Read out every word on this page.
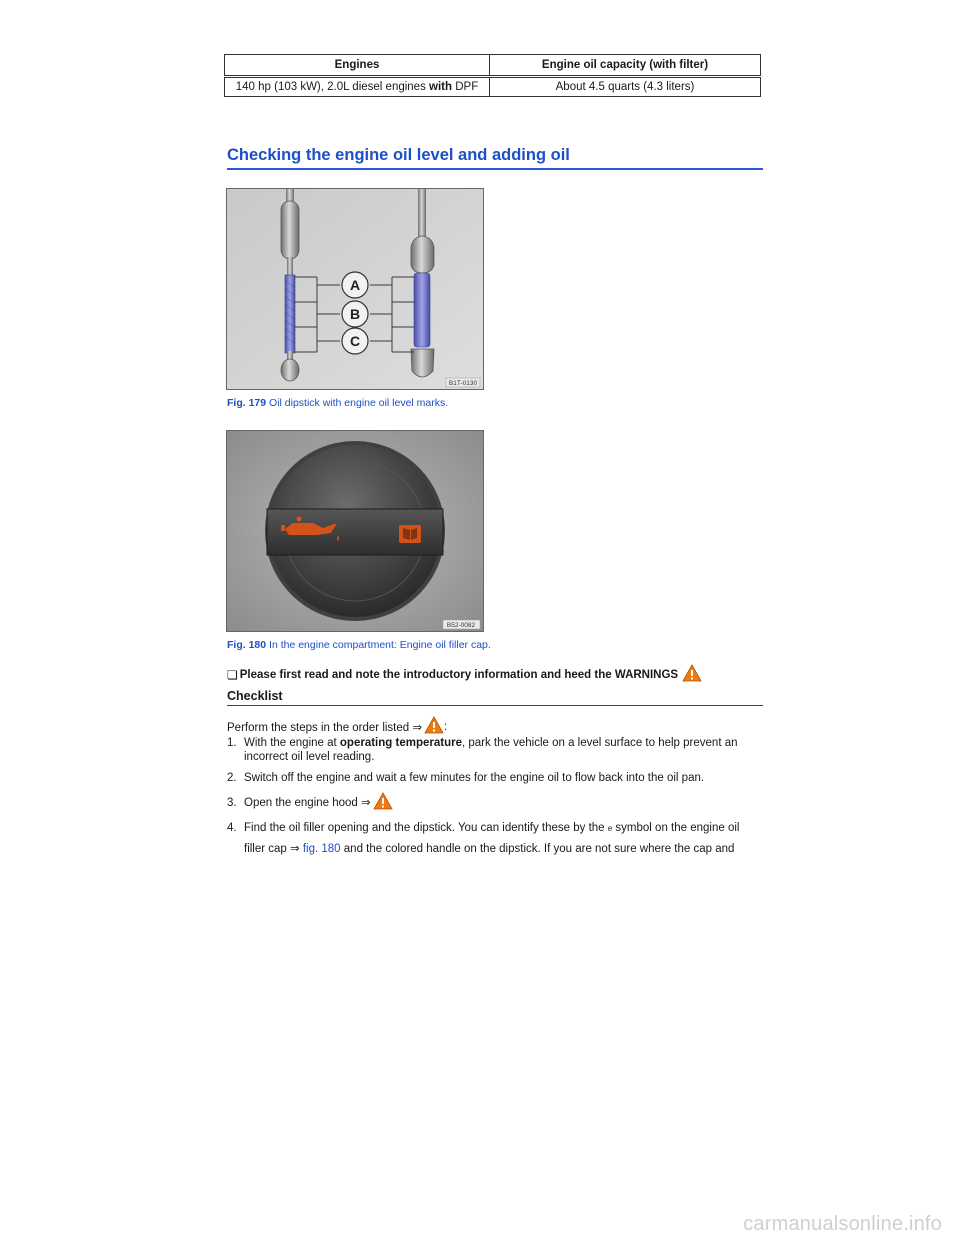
Engines	Engine oil capacity (with filter)
140 hp (103 kW), 2.0L diesel engines with DPF	About 4.5 quarts (4.3 liters)
Checking the engine oil level and adding oil
A
B
C
B1T-0130
Fig. 179 Oil dipstick with engine oil level marks.
B52-0082
Fig. 180 In the engine compartment: Engine oil filler cap.
❏ Please first read and note the introductory information and heed the WARNINGS
Checklist
Perform the steps in the order listed ⇒ :
1. With the engine at operating temperature, park the vehicle on a level surface to help prevent an incorrect oil level reading.
2. Switch off the engine and wait a few minutes for the engine oil to flow back into the oil pan.
3. Open the engine hood ⇒
4. Find the oil filler opening and the dipstick. You can identify these by the e symbol on the engine oil filler cap ⇒ fig. 180 and the colored handle on the dipstick. If you are not sure where the cap and
carmanualsonline.info
